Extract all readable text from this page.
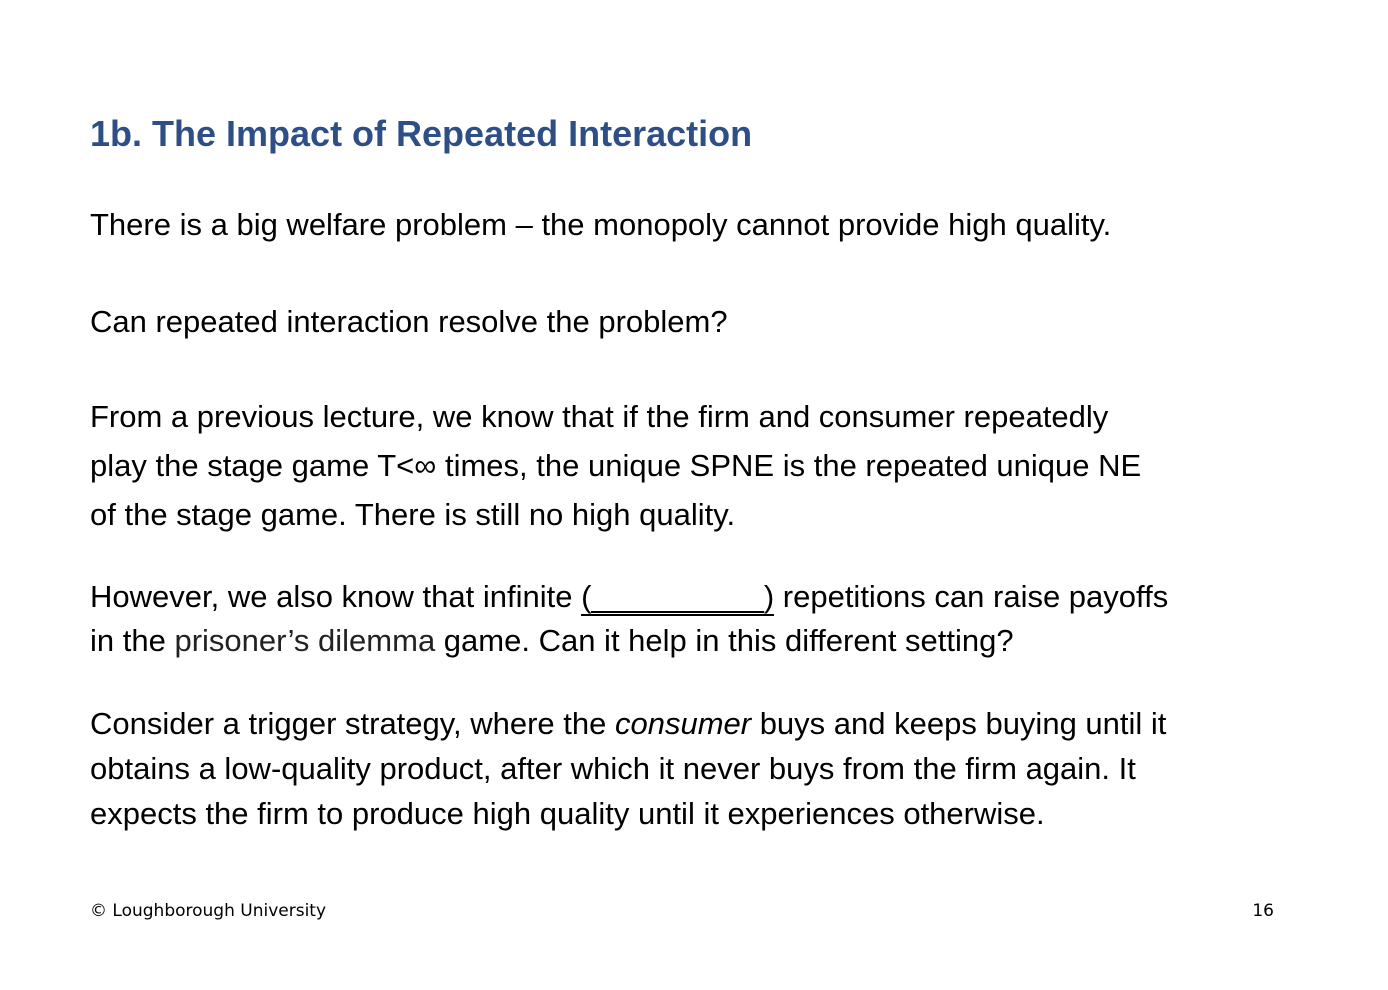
1b. The Impact of Repeated Interaction

There is a big welfare problem – the monopoly cannot provide high quality.

Can repeated interaction resolve the problem?

From a previous lecture, we know that if the firm and consumer repeatedly
play the stage game T<∞ times, the unique SPNE is the repeated unique NE
of the stage game. There is still no high quality.

However, we also know that infinite (__________) repetitions can raise payoffs
in the prisoner’s dilemma game. Can it help in this different setting?

Consider a trigger strategy, where the consumer buys and keeps buying until it
obtains a low-quality product, after which it never buys from the firm again. It
expects the firm to produce high quality until it experiences otherwise.

© Loughborough University	16
